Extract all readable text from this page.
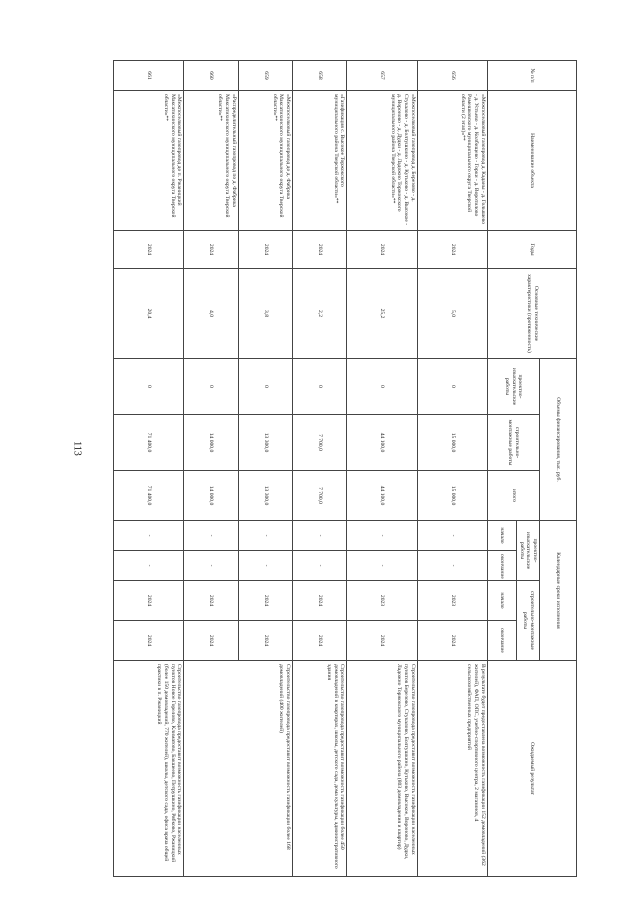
113
№ п/п	Наименование объекта	Годы	Основные технические характеристики (протяженность)	Объемы финансирования, тыс. руб.			Календарные сроки исполнения				Ожидаемый результат
				проектно-изыскательские работы	строительно-монтажные работы	итого	проектно-изыскательские работы		строительно-монтажные работы		
							начало	окончание	начало	окончание	
656	«Межпоселковый газопровод д. Каданы - д. Голышево - д. Устьево - д. Колбищево - Горки - д. Воротилово Рамешковского муниципального округа Тверской области (2 этап)»**	2024	5,0	0	15 000,0	15 000,0	-	-	2023	2024	В результате будет предоставлена возможность газификации 152 домовладений (362 жителей), ФАП, ОПС, учебно-спортивного центра, 2 магазинов, 4 сельскохозяйственных предприятий
657	«Межпоселковый газопровод д. Березово - д. Стукалово - д. Болтушкино - д. Кутьково - д. Высокое - д. Вороново - д. Дудки - д. Ладожно Торжокского муниципального района Тверской области»**	2024	25,2	0	44 100,0	44 100,0	-	-	2023	2024	Строительство газопровода предоставит возможность газификации населенных пунктов Березово, Стукалово, Болтушкино, Кутьково, Высокое, Вороново, Дудки, Ладожно Торжокского муниципального района (803 домовладения и квартир)
658	«Газификация с. Высокое Торжокского муниципального района Тверской области»**	2024	2,2	0	7 700,0	7 700,0	-	-	2024	2024	Строительство газопровода предоставит возможность газификации более 450 домовладений в квартирах, школы, детского сада, дома культуры, административного здания
659	«Межпоселковый газопровод до д. Фабрика Максатихинского муниципального округа Тверской области»**	2024	3,8	0	13 300,0	13 300,0	-	-	2024	2024	Строительство газопровода предоставит возможность газификации более 168 домовладений (400 жителей)
660	«Распределительный газопровод по д. Фабрика Максатихинского муниципального округа Тверской области»**	2024	4,0	0	14 000,0	14 000,0	-	-	2024	2024	
661	«Межпоселковый газопровод до п. Ржаницкий Максатихинского муниципального округа Тверской области»**	2024	20,4	0	71 400,0	71 400,0	-	-	2024	2024	Строительство газопровода предоставит возможность газификации населенных пунктов Новое Горелово, Климатово, Бакшеево, Петрушкино, Рябково, Ржаницкий (более 150 домовладений, 770 жителей), школы, детского сада, офиса врача общей практики в п. Ржаницкий
